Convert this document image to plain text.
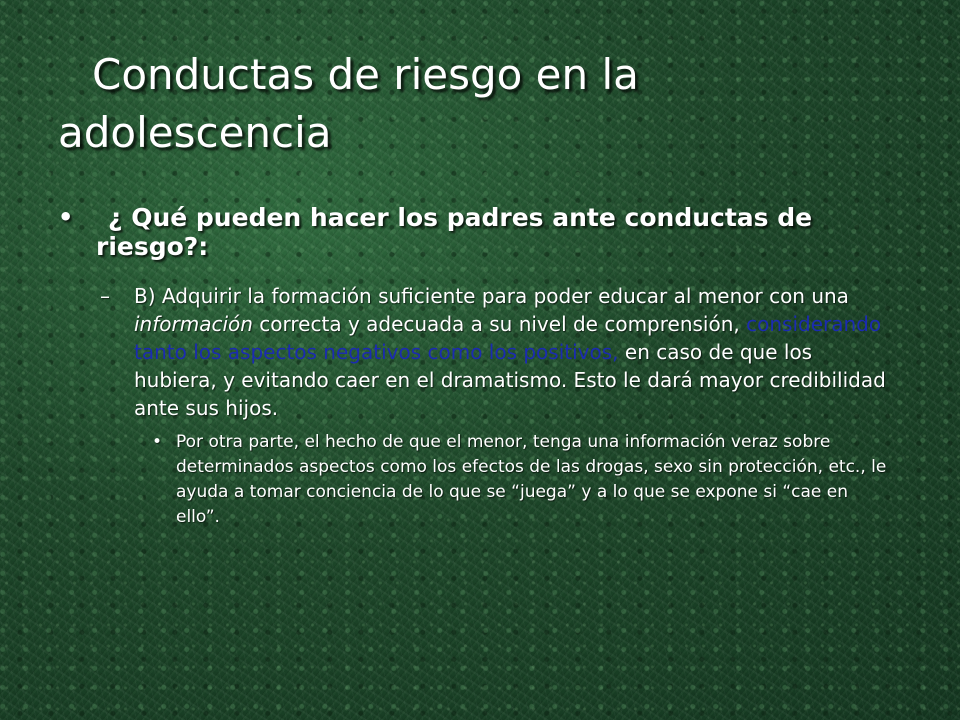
Conductas de riesgo en la adolescencia
• ¿ Qué pueden hacer los padres ante conductas de riesgo?:
– B) Adquirir la formación suficiente para poder educar al menor con una información correcta y adecuada a su nivel de comprensión, considerando tanto los aspectos negativos como los positivos, en caso de que los hubiera, y evitando caer en el dramatismo. Esto le dará mayor credibilidad ante sus hijos.
• Por otra parte, el hecho de que el menor, tenga una información veraz sobre determinados aspectos como los efectos de las drogas, sexo sin protección, etc., le ayuda a tomar conciencia de lo que se “juega” y a lo que se expone si “cae en ello”.
